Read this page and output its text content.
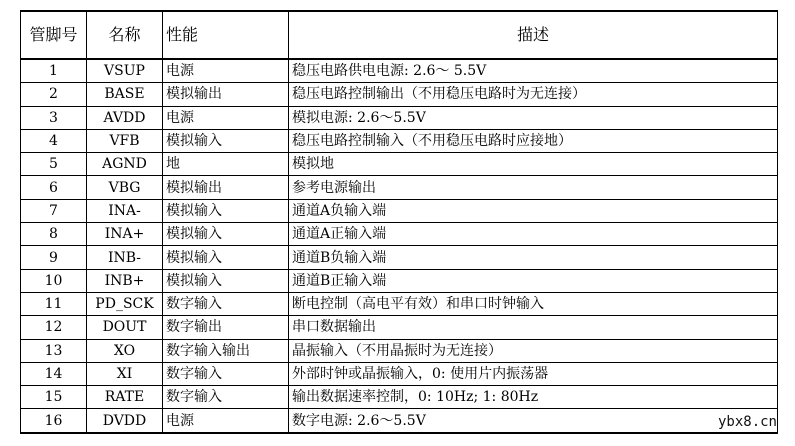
管脚号	名称	性能	描述
1	VSUP	电源	稳压电路供电电源: 2.6～ 5.5V
2	BASE	模拟输出	稳压电路控制输出（不用稳压电路时为无连接）
3	AVDD	电源	模拟电源: 2.6～5.5V
4	VFB	模拟输入	稳压电路控制输入（不用稳压电路时应接地）
5	AGND	地	模拟地
6	VBG	模拟输出	参考电源输出
7	INA-	模拟输入	通道A负输入端
8	INA+	模拟输入	通道A正输入端
9	INB-	模拟输入	通道B负输入端
10	INB+	模拟输入	通道B正输入端
11	PD_SCK	数字输入	断电控制（高电平有效）和串口时钟输入
12	DOUT	数字输出	串口数据输出
13	XO	数字输入输出	晶振输入（不用晶振时为无连接）
14	XI	数字输入	外部时钟或晶振输入，0: 使用片内振荡器
15	RATE	数字输入	输出数据速率控制，0: 10Hz; 1: 80Hz
16	DVDD	电源	数字电源: 2.6～5.5V	ybx8.cn
